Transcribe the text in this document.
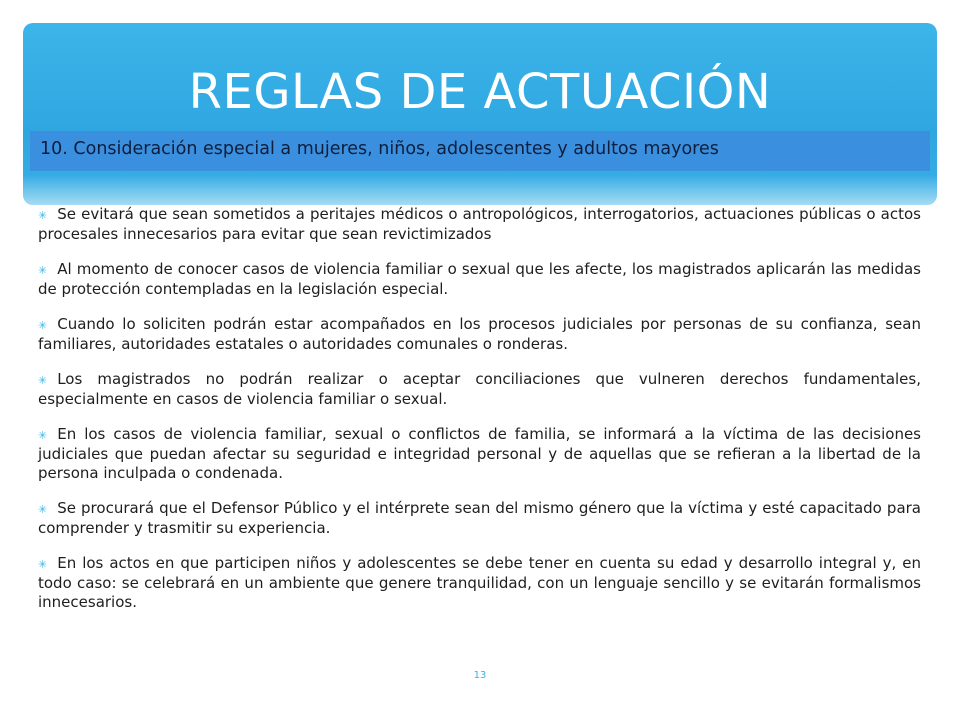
REGLAS DE ACTUACIÓN
10. Consideración especial a mujeres, niños, adolescentes y adultos mayores

✳ Se evitará que sean sometidos a peritajes médicos o antropológicos, interrogatorios, actuaciones públicas o actos procesales innecesarios para evitar que sean revictimizados

✳ Al momento de conocer casos de violencia familiar o sexual que les afecte, los magistrados aplicarán las medidas de protección contempladas en la legislación especial.

✳ Cuando lo soliciten podrán estar acompañados en los procesos judiciales por personas de su confianza, sean familiares, autoridades estatales o autoridades comunales o ronderas.

✳ Los magistrados no podrán realizar o aceptar conciliaciones que vulneren derechos fundamentales, especialmente en casos de violencia familiar o sexual.

✳ En los casos de violencia familiar, sexual o conflictos de familia, se informará a la víctima de las decisiones judiciales que puedan afectar su seguridad e integridad personal y de aquellas que se refieran a la libertad de la persona inculpada o condenada.

✳ Se procurará que el Defensor Público y el intérprete sean del mismo género que la víctima y esté capacitado para comprender y trasmitir su experiencia.

✳ En los actos en que participen niños y adolescentes se debe tener en cuenta su edad y desarrollo integral y, en todo caso: se celebrará en un ambiente que genere tranquilidad, con un lenguaje sencillo y se evitarán formalismos innecesarios.

13
